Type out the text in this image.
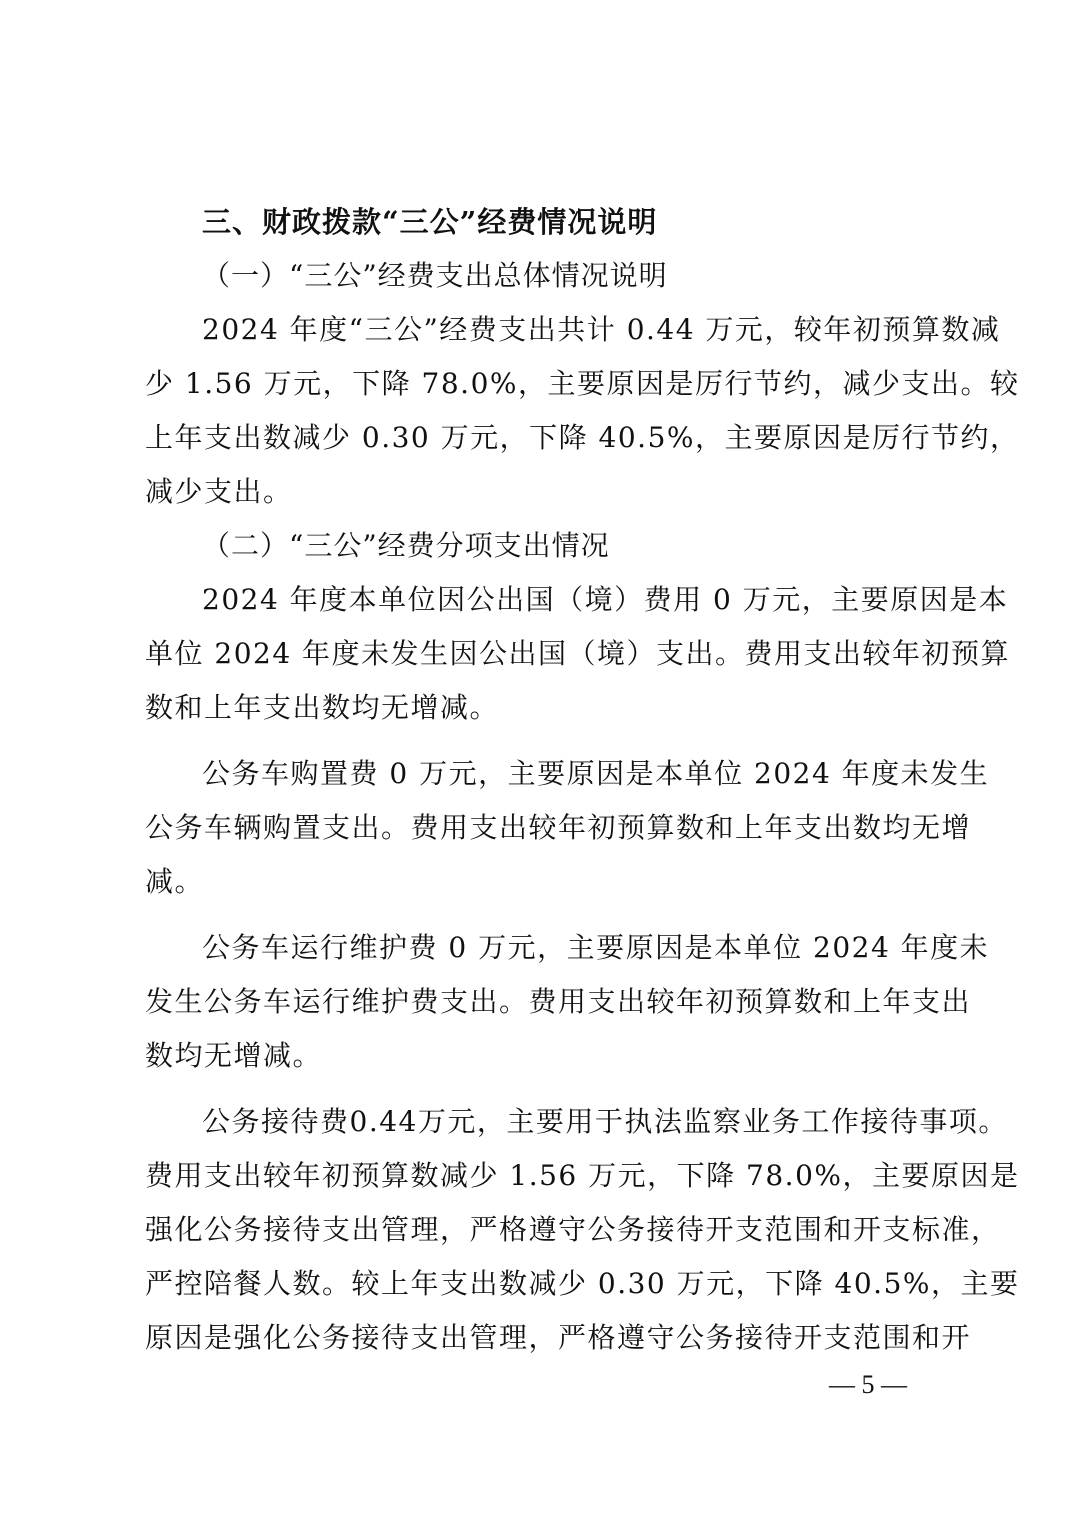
三、财政拨款“三公”经费情况说明
（一）“三公”经费支出总体情况说明
2024 年度“三公”经费支出共计 0.44 万元，较年初预算数减
少 1.56 万元，下降 78.0%，主要原因是厉行节约，减少支出。较
上年支出数减少 0.30 万元，下降 40.5%，主要原因是厉行节约，
减少支出。
（二）“三公”经费分项支出情况
2024 年度本单位因公出国（境）费用 0 万元，主要原因是本
单位 2024 年度未发生因公出国（境）支出。费用支出较年初预算
数和上年支出数均无增减。
公务车购置费 0 万元，主要原因是本单位 2024 年度未发生
公务车辆购置支出。费用支出较年初预算数和上年支出数均无增
减。
公务车运行维护费 0 万元，主要原因是本单位 2024 年度未
发生公务车运行维护费支出。费用支出较年初预算数和上年支出
数均无增减。
公务接待费0.44万元，主要用于执法监察业务工作接待事项。
费用支出较年初预算数减少 1.56 万元，下降 78.0%，主要原因是
强化公务接待支出管理，严格遵守公务接待开支范围和开支标准，
严控陪餐人数。较上年支出数减少 0.30 万元，下降 40.5%，主要
原因是强化公务接待支出管理，严格遵守公务接待开支范围和开
— 5 —
